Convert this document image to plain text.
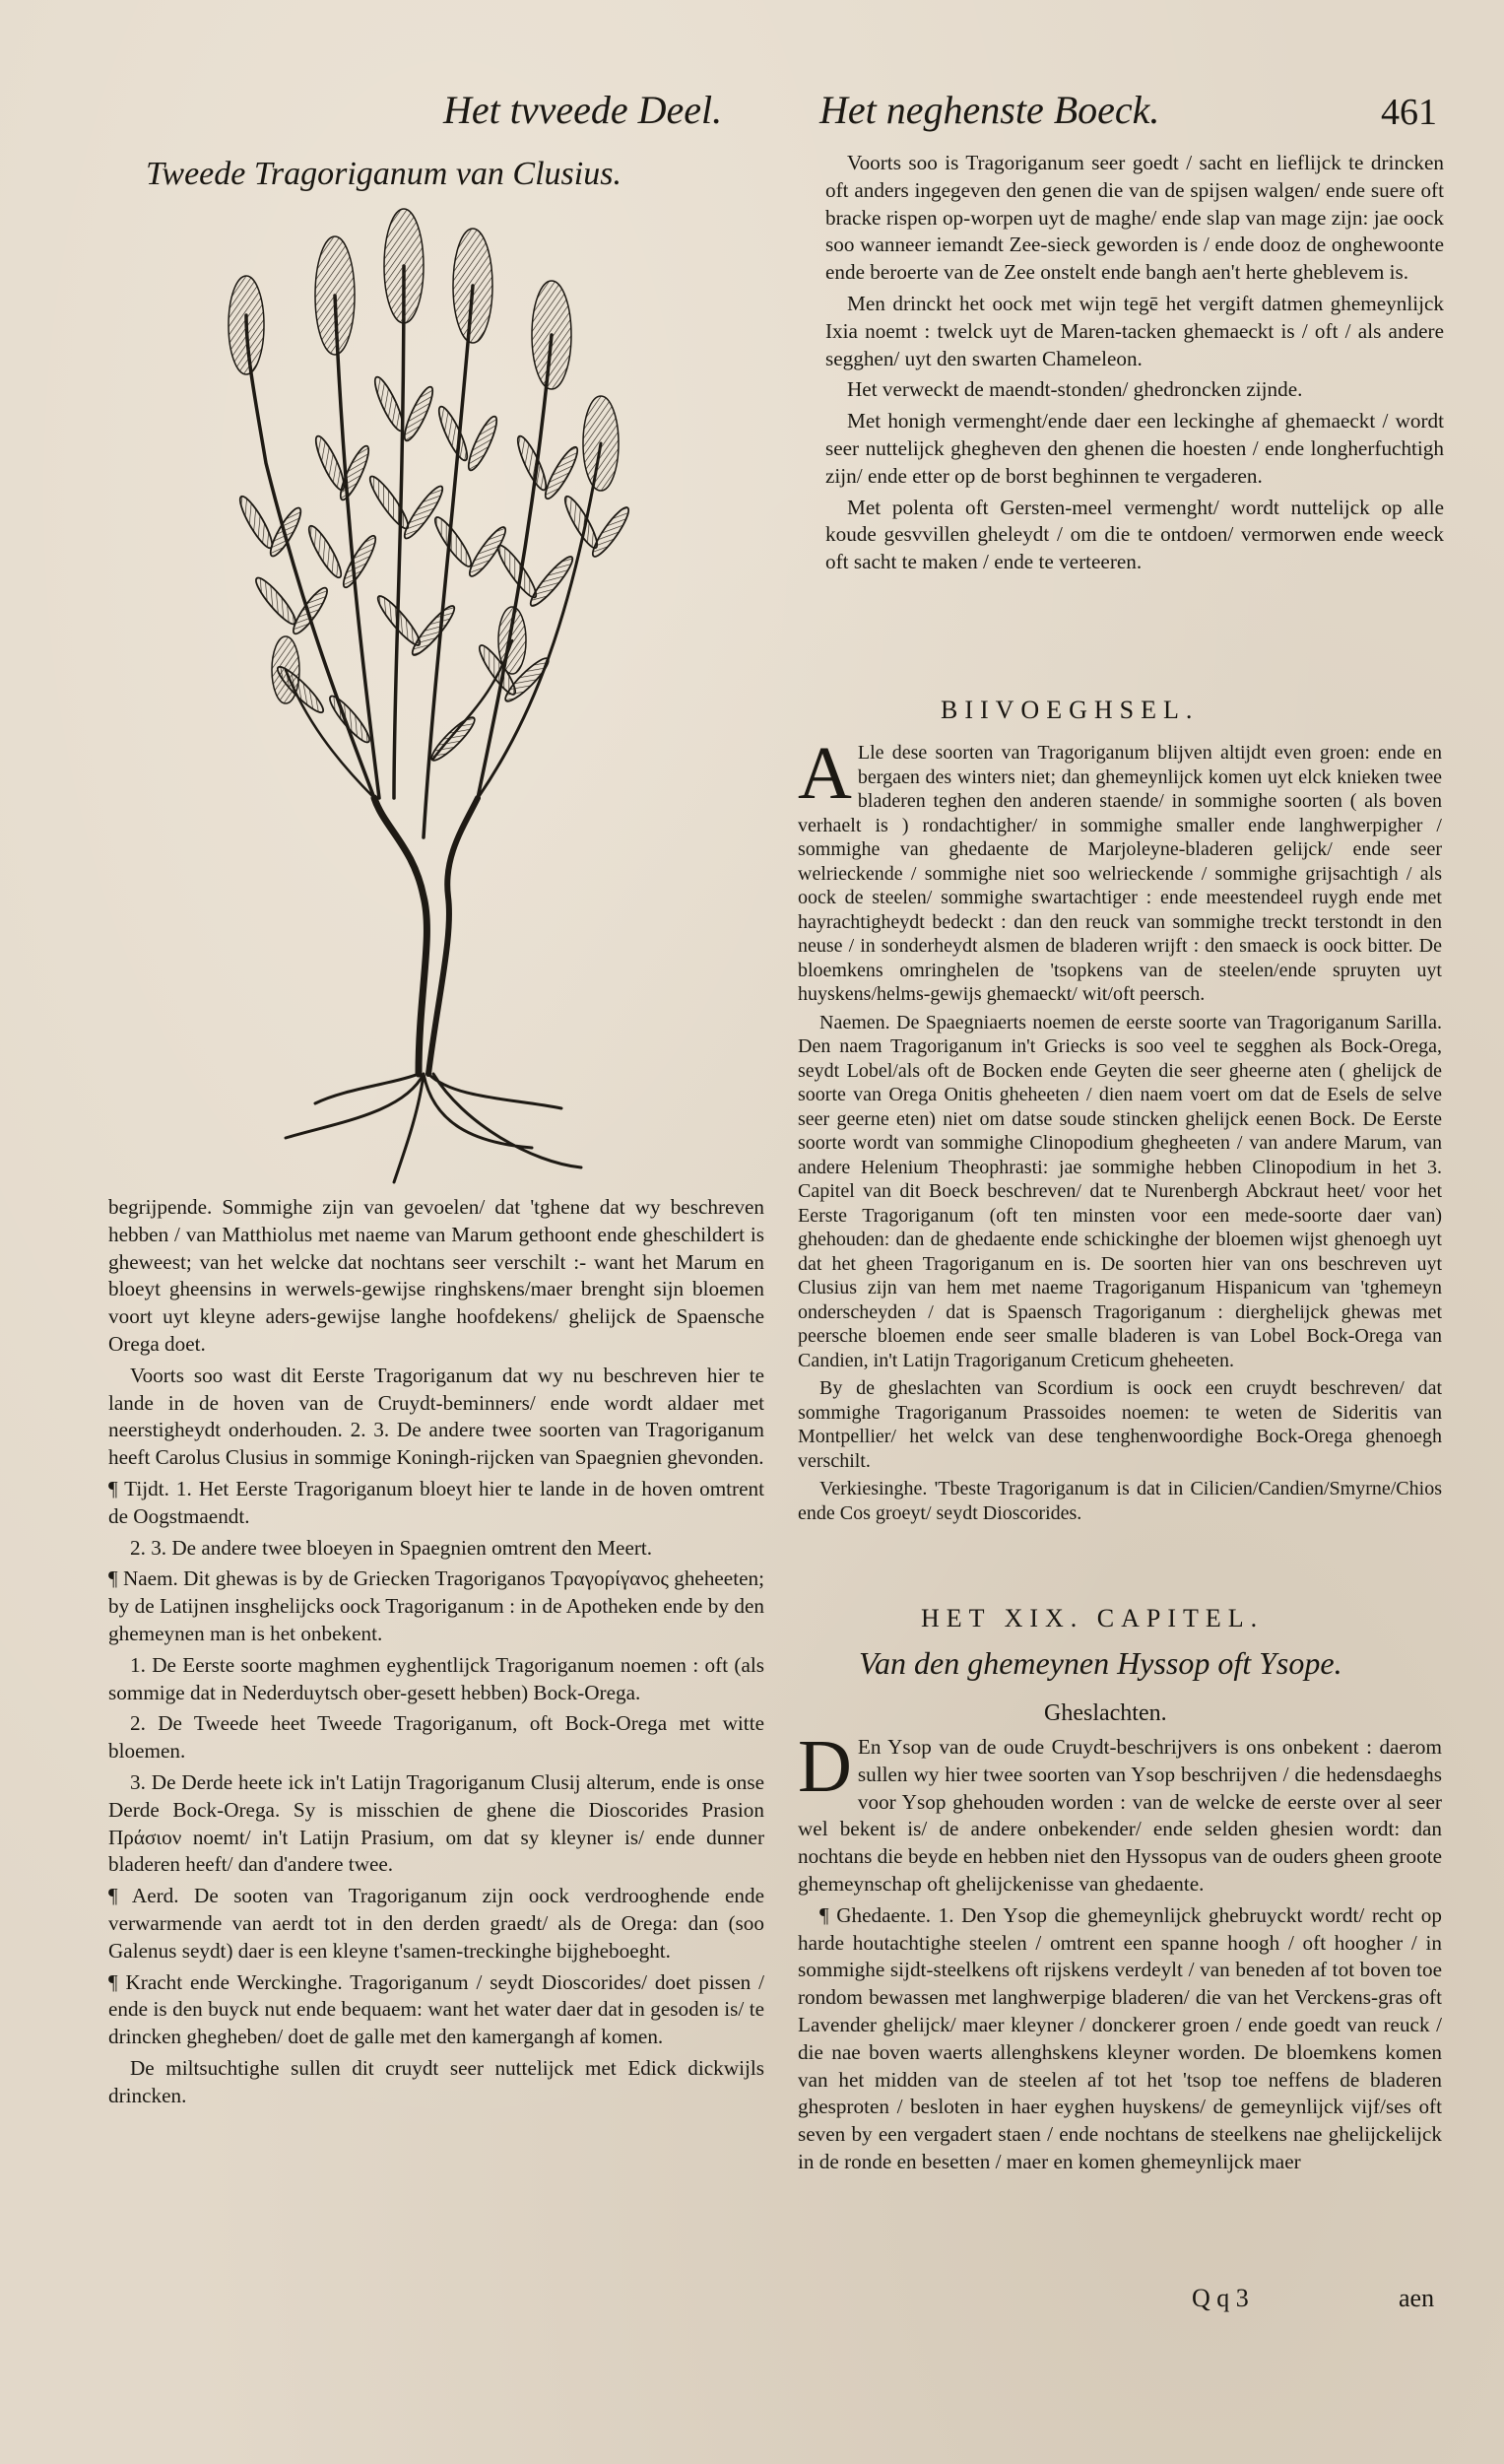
Het tvveede Deel. Het neghenste Boeck.	461
Tweede Tragoriganum van Clusius.

begrijpende. Sommighe zijn van gevoelen/ dat 'tghene dat wy beschreven hebben / van Matthiolus met naeme van Marum gethoont ende gheschildert is gheweest; van het welcke dat nochtans seer verschilt :- want het Marum en bloeyt gheensins in werwels-gewijse ringhskens/maer brenght sijn bloemen voort uyt kleyne aders-gewijse langhe hoofdekens/ ghelijck de Spaensche Orega doet.

Voorts soo wast dit Eerste Tragoriganum dat wy nu beschreven hier te lande in de hoven van de Cruydt-beminners/ ende wordt aldaer met neerstigheydt onderhouden. 2. 3. De andere twee soorten van Tragoriganum heeft Carolus Clusius in sommige Koningh-rijcken van Spaegnien ghevonden.

¶ Tijdt. 1. Het Eerste Tragoriganum bloeyt hier te lande in de hoven omtrent de Oogstmaendt.

2. 3. De andere twee bloeyen in Spaegnien omtrent den Meert.

¶ Naem. Dit ghewas is by de Griecken Tragoriganos Τραγορίγανος gheheeten; by de Latijnen insghelijcks oock Tragoriganum : in de Apotheken ende by den ghemeynen man is het onbekent.

1. De Eerste soorte maghmen eyghentlijck Tragoriganum noemen : oft (als sommige dat in Nederduytsch ober-gesett hebben) Bock-Orega.

2. De Tweede heet Tweede Tragoriganum, oft Bock-Orega met witte bloemen.

3. De Derde heete ick in't Latijn Tragoriganum Clusij alterum, ende is onse Derde Bock-Orega. Sy is misschien de ghene die Dioscorides Prasion Πράσιον noemt/ in't Latijn Prasium, om dat sy kleyner is/ ende dunner bladeren heeft/ dan d'andere twee.

¶ Aerd. De sooten van Tragoriganum zijn oock verdrooghende ende verwarmende van aerdt tot in den derden graedt/ als de Orega: dan (soo Galenus seydt) daer is een kleyne t'samen-treckinghe bijgheboeght.

¶ Kracht ende Werckinghe. Tragoriganum / seydt Dioscorides/ doet pissen / ende is den buyck nut ende bequaem: want het water daer dat in gesoden is/ te drincken ghegheben/ doet de galle met den kamergangh af komen.

De miltsuchtighe sullen dit cruydt seer nuttelijck met Edick dickwijls drincken.

Voorts soo is Tragoriganum seer goedt / sacht en lieflijck te drincken oft anders ingegeven den genen die van de spijsen walgen/ ende suere oft bracke rispen op-worpen uyt de maghe/ ende slap van mage zijn: jae oock soo wanneer iemandt Zee-sieck geworden is / ende dooz de onghewoonte ende beroerte van de Zee onstelt ende bangh aen't herte gheblevem is.

Men drinckt het oock met wijn tegē het vergift datmen ghemeynlijck Ixia noemt : twelck uyt de Maren-tacken ghemaeckt is / oft / als andere segghen/ uyt den swarten Chameleon.

Het verweckt de maendt-stonden/ ghedroncken zijnde.

Met honigh vermenght/ende daer een leckinghe af ghemaeckt / wordt seer nuttelijck ghegheven den ghenen die hoesten / ende longherfuchtigh zijn/ ende etter op de borst beghinnen te vergaderen.

Met polenta oft Gersten-meel vermenght/ wordt nuttelijck op alle koude gesvvillen gheleydt / om die te ontdoen/ vermorwen ende weeck oft sacht te maken / ende te verteeren.

BIIVOEGHSEL.

A Lle dese soorten van Tragoriganum blijven altijdt even groen: ende en bergaen des winters niet; dan ghemeynlijck komen uyt elck knieken twee bladeren teghen den anderen staende/ in sommighe soorten ( als boven verhaelt is ) rondachtigher/ in sommighe smaller ende langhwerpigher / sommighe van ghedaente de Marjoleyne-bladeren gelijck/ ende seer welrieckende / sommighe niet soo welrieckende / sommighe grijsachtigh / als oock de steelen/ sommighe swartachtiger : ende meestendeel ruygh ende met hayrachtigheydt bedeckt : dan den reuck van sommighe treckt terstondt in den neuse / in sonderheydt alsmen de bladeren wrijft : den smaeck is oock bitter. De bloemkens omringhelen de 'tsopkens van de steelen/ende spruyten uyt huyskens/helms-gewijs ghemaeckt/ wit/oft peersch.

Naemen. De Spaegniaerts noemen de eerste soorte van Tragoriganum Sarilla. Den naem Tragoriganum in't Griecks is soo veel te segghen als Bock-Orega, seydt Lobel/als oft de Bocken ende Geyten die seer gheerne aten ( ghelijck de soorte van Orega Onitis gheheeten / dien naem voert om dat de Esels de selve seer geerne eten) niet om datse soude stincken ghelijck eenen Bock. De Eerste soorte wordt van sommighe Clinopodium ghegheeten / van andere Marum, van andere Helenium Theophrasti: jae sommighe hebben Clinopodium in het 3. Capitel van dit Boeck beschreven/ dat te Nurenbergh Abckraut heet/ voor het Eerste Tragoriganum (oft ten minsten voor een mede-soorte daer van) ghehouden: dan de ghedaente ende schickinghe der bloemen wijst ghenoegh uyt dat het gheen Tragoriganum en is. De soorten hier van ons beschreven uyt Clusius zijn van hem met naeme Tragoriganum Hispanicum van 'tghemeyn onderscheyden / dat is Spaensch Tragoriganum : dierghelijck ghewas met peersche bloemen ende seer smalle bladeren is van Lobel Bock-Orega van Candien, in't Latijn Tragoriganum Creticum gheheeten.

By de gheslachten van Scordium is oock een cruydt beschreven/ dat sommighe Tragoriganum Prassoides noemen: te weten de Sideritis van Montpellier/ het welck van dese tenghenwoordighe Bock-Orega ghenoegh verschilt.

Verkiesinghe. 'Tbeste Tragoriganum is dat in Cilicien/Candien/Smyrne/Chios ende Cos groeyt/ seydt Dioscorides.

HET XIX. CAPITEL.
Van den ghemeynen Hyssop oft Ysope.
Gheslachten.

D En Ysop van de oude Cruydt-beschrijvers is ons onbekent : daerom sullen wy hier twee soorten van Ysop beschrijven / die hedensdaeghs voor Ysop ghehouden worden : van de welcke de eerste over al seer wel bekent is/ de andere onbekender/ ende selden ghesien wordt: dan nochtans die beyde en hebben niet den Hyssopus van de ouders gheen groote ghemeynschap oft ghelijckenisse van ghedaente.

¶ Ghedaente. 1. Den Ysop die ghemeynlijck ghebruyckt wordt/ recht op harde houtachtighe steelen / omtrent een spanne hoogh / oft hoogher / in sommighe sijdt-steelkens oft rijskens verdeylt / van beneden af tot boven toe rondom bewassen met langhwerpige bladeren/ die van het Verckens-gras oft Lavender ghelijck/ maer kleyner / donckerer groen / ende goedt van reuck / die nae boven waerts allenghskens kleyner worden. De bloemkens komen van het midden van de steelen af tot het 'tsop toe neffens de bladeren ghesproten / besloten in haer eyghen huyskens/ de gemeynlijck vijf/ses oft seven by een vergadert staen / ende nochtans de steelkens nae ghelijckelijck in de ronde en besetten / maer en komen ghemeynlijck maer

Q q 3	aen
